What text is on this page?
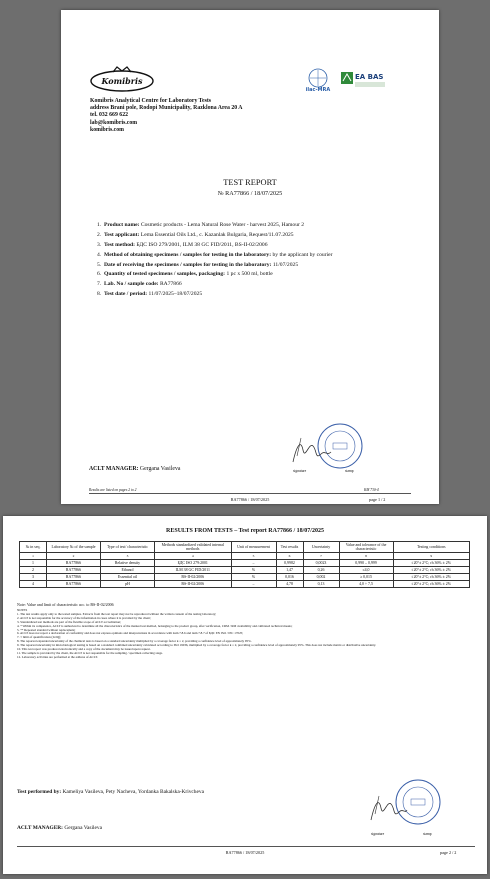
Komibris
ilac-MRA
EA BAS
Komibris Analytical Centre for Laboratory Tests
address Brani pole, Rodopi Municipality, Razklona Area 20 A
tel. 032 669 622
lab@komibris.com
komibris.com
TEST REPORT
№ RA77866 / 18/07/2025
1. Product name: Cosmetic products - Lema Natural Rose Water - harvest 2025, Hamour 2
2. Test applicant: Lema Essential Oils Ltd., c. Kazanlak Bulgaria, Request/11.07.2025
3. Test method: БДС ISO 279/2001, ILM 38 GC FID/2011, BS-II-02/2006
4. Method of obtaining specimens / samples for testing in the laboratory: by the applicant by courier
5. Date of receiving the specimens / samples for testing in the laboratory: 11/07/2025
6. Quantity of tested specimens / samples, packaging: 1 pc x 500 ml, bottle
7. Lab. No / sample code: RA77866
8. Test date / period: 11/07/2025–18/07/2025
signature	stamp
ACLT MANAGER: Gergana Vasileva
Results are listed on pages 2 to 2	КМ 730-4
RA77866 / 18/07/2025	page 1 / 2
RESULTS FROM TESTS – Test report RA77866 / 18/07/2025
№ in seq.	Laboratory № of the sample	Type of test/ characteristic	Methods standardized validated internal methods	Unit of measurement	Test results	Uncertainty	Value and tolerance of the characteristic	Testing conditions
1	2	3	4	5	6	7	8	9
1	RA77866	Relative density	БДС ISO 279:2001	–	0,9982	0,0023	0,990 – 0,999	t 20°± 2°C; rh 36% ± 2%
2	RA77866	Ethanol	ILM 38 GC FID/2011	%	1,47	0,26	≤4,0	t 20°± 2°C; rh 36% ± 2%
3	RA77866	Essential oil	BS-II-02/2006	%	0,016	0,002	≥ 0,015	t 20°± 2°C; rh 36% ± 2%
4	RA77866	pH	BS-II-02/2006	–	4,78	0,13	4,0 ÷ 7,5	t 20°± 2°C; rh 36% ± 2%
Note: Value and limit of characteristic acc. to BS-II-02/2006
NOTES
1. The test results apply only to the tested samples. Extracts from the test report may not be reproduced without the written consent of the testing laboratory;
2. ACLT is not responsible for the accuracy of the information in cases where it is provided by the client;
3. Standardized test methods are part of the flexible scope of ACLT accreditation;
4. * Within its competence, ACLT is authorized to determine all the characteristics of the marked test method, belonging to the product group, after verification, CRM / RM availability and calibrated technical means;
5. ** Repeated standard without replacement;
6. ACLT does not report a declaration of conformity and does not express opinions and interpretations in accordance with item 7.8.6 and item 7.8.7 of БДС EN ISO / IEC 17025;
7. < limit of quantification (LOQ);
8. The reported expanded uncertainty of the chemical tests is based on a standard uncertainty multiplied by a coverage factor k = 2, providing a confidence level of approximately 95%.
9. The reported uncertainty in microbiological testing is based on a standard combined uncertainty calculated according to ISO 19036, multiplied by a coverage factor k = 2, providing a confidence level of approximately 95%. This does not include matrix or distributive uncertainty.
10. This test report was produced electronically and a copy of the document may be issued upon request.
11. The sample is provided by the client, the ACLT is not responsible for the sampling / specimen collecting stage.
12. Laboratory activities are performed at the address of ACLT.
Test performed by: Kameliya Vasileva, Pety Nacheva, Yordanka Bakalska-Krivcheva
signature	stamp
ACLT MANAGER: Gergana Vasileva
RA77866 / 18/07/2025	page 2 / 2
